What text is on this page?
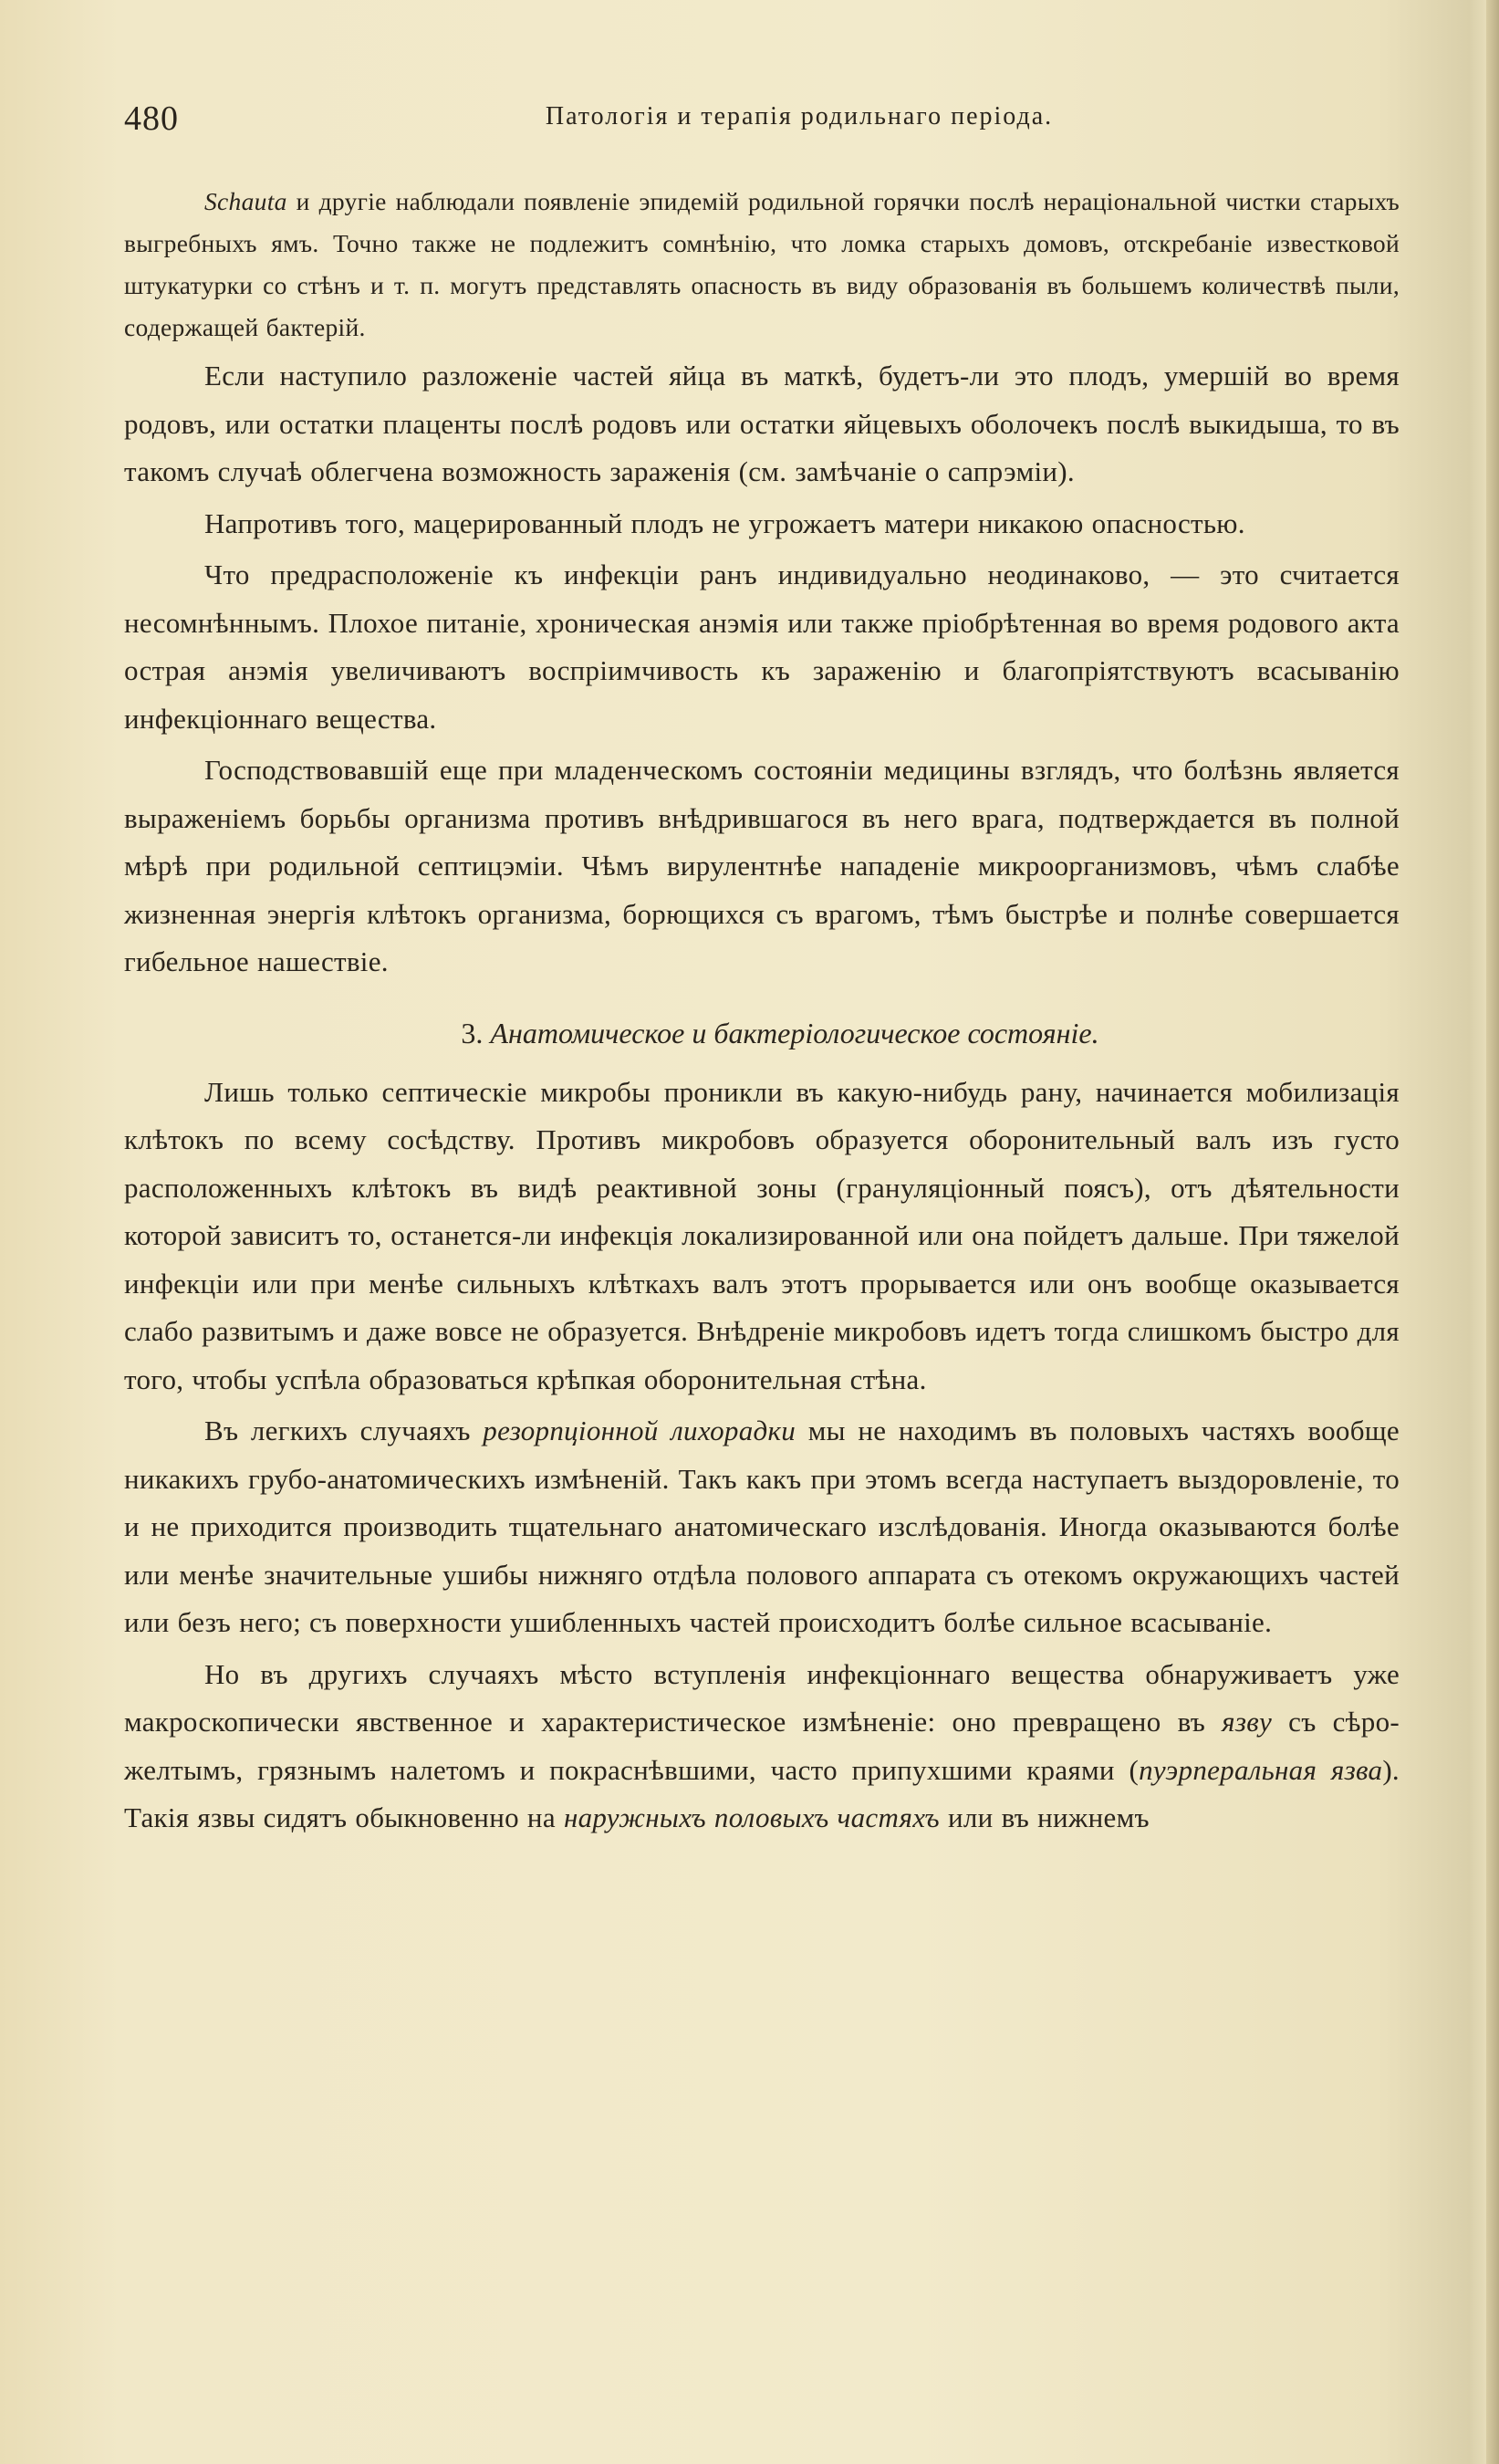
480	Патологія и терапія родильнаго періода.

Schauta и другіе наблюдали появленіе эпидемій родильной горячки послѣ нераціональной чистки старыхъ выгребныхъ ямъ. Точно также не подлежитъ сомнѣнію, что ломка старыхъ домовъ, отскребаніе известковой штукатурки со стѣнъ и т. п. могутъ представлять опасность въ виду образованія въ большемъ количествѣ пыли, содержащей бактерій.

Если наступило разложеніе частей яйца въ маткѣ, будетъ-ли это плодъ, умершій во время родовъ, или остатки плаценты послѣ родовъ или остатки яйцевыхъ оболочекъ послѣ выкидыша, то въ такомъ случаѣ облегчена возможность зараженія (см. замѣчаніе о сапрэміи).

Напротивъ того, мацерированный плодъ не угрожаетъ матери никакою опасностью.

Что предрасположеніе къ инфекціи ранъ индивидуально неодинаково, — это считается несомнѣннымъ. Плохое питаніе, хроническая анэмія или также пріобрѣтенная во время родового акта острая анэмія увеличиваютъ воспріимчивость къ зараженію и благопріятствуютъ всасыванію инфекціоннаго вещества.

Господствовавшій еще при младенческомъ состояніи медицины взглядъ, что болѣзнь является выраженіемъ борьбы организма противъ внѣдрившагося въ него врага, подтверждается въ полной мѣрѣ при родильной септицэміи. Чѣмъ вирулентнѣе нападеніе микроорганизмовъ, чѣмъ слабѣе жизненная энергія клѣтокъ организма, борющихся съ врагомъ, тѣмъ быстрѣе и полнѣе совершается гибельное нашествіе.

3. Анатомическое и бактеріологическое состояніе.

Лишь только септическіе микробы проникли въ какую-нибудь рану, начинается мобилизація клѣтокъ по всему сосѣдству. Противъ микробовъ образуется оборонительный валъ изъ густо расположенныхъ клѣтокъ въ видѣ реактивной зоны (грануляціонный поясъ), отъ дѣятельности которой зависитъ то, останется-ли инфекція локализированной или она пойдетъ дальше. При тяжелой инфекціи или при менѣе сильныхъ клѣткахъ валъ этотъ прорывается или онъ вообще оказывается слабо развитымъ и даже вовсе не образуется. Внѣдреніе микробовъ идетъ тогда слишкомъ быстро для того, чтобы успѣла образоваться крѣпкая оборонительная стѣна.

Въ легкихъ случаяхъ резорпціонной лихорадки мы не находимъ въ половыхъ частяхъ вообще никакихъ грубо-анатомическихъ измѣненій. Такъ какъ при этомъ всегда наступаетъ выздоровленіе, то и не приходится производить тщательнаго анатомическаго изслѣдованія. Иногда оказываются болѣе или менѣе значительные ушибы нижняго отдѣла полового аппарата съ отекомъ окружающихъ частей или безъ него; съ поверхности ушибленныхъ частей происходитъ болѣе сильное всасываніе.

Но въ другихъ случаяхъ мѣсто вступленія инфекціоннаго вещества обнаруживаетъ уже макроскопически явственное и характеристическое измѣненіе: оно превращено въ язву съ сѣро-желтымъ, грязнымъ налетомъ и покраснѣвшими, часто припухшими краями (пуэрперальная язва). Такія язвы сидятъ обыкновенно на наружныхъ половыхъ частяхъ или въ нижнемъ
